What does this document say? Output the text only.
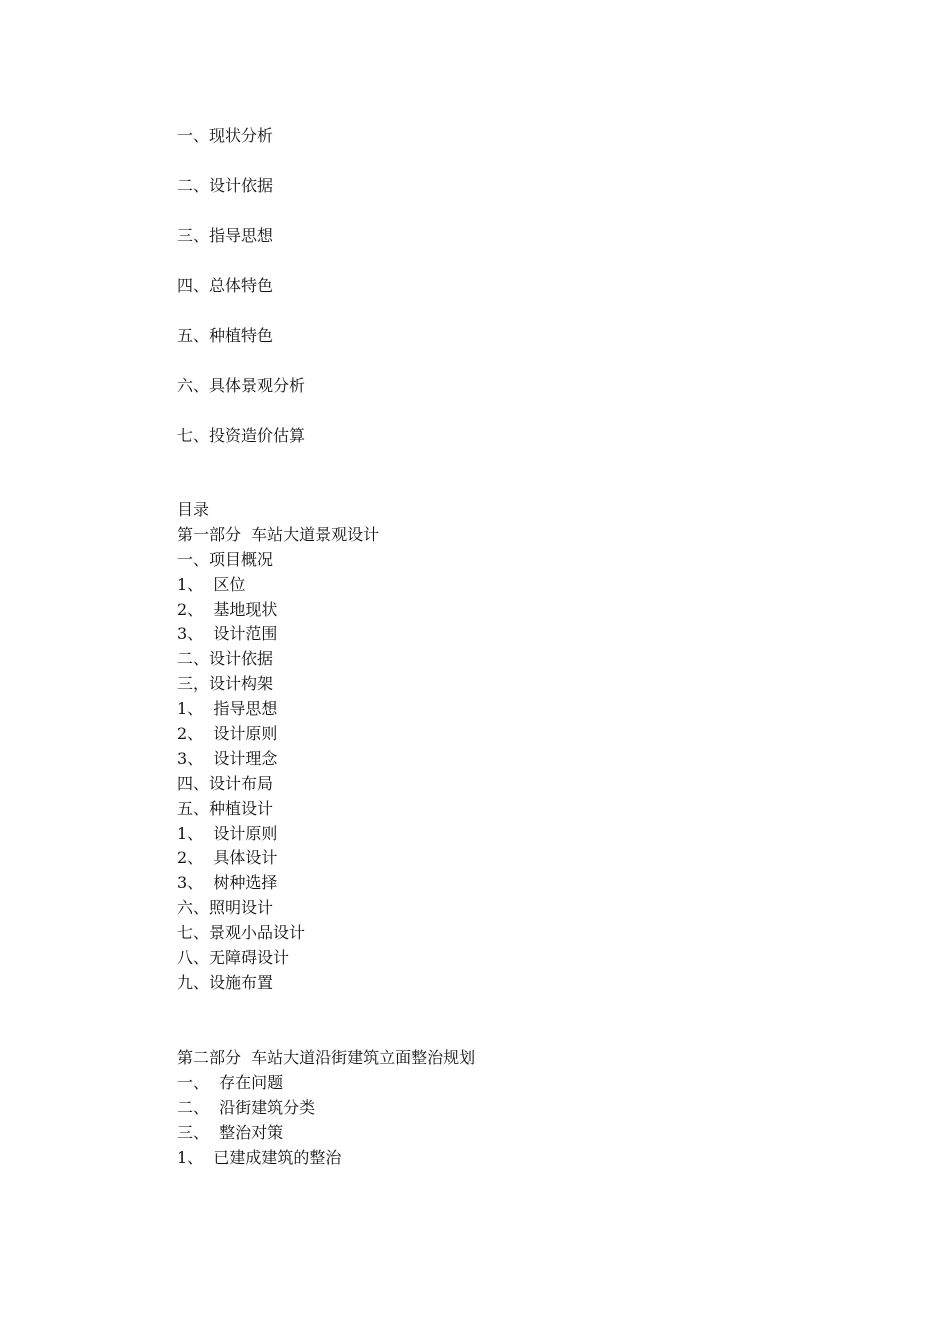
一、现状分析
二、设计依据
三、指导思想
四、总体特色
五、种植特色
六、具体景观分析
七、投资造价估算
目录
第一部分  车站大道景观设计
一、项目概况
1、  区位
2、  基地现状
3、  设计范围
二、设计依据
三，设计构架
1、  指导思想
2、  设计原则
3、  设计理念
四、设计布局
五、种植设计
1、  设计原则
2、  具体设计
3、  树种选择
六、照明设计
七、景观小品设计
八、无障碍设计
九、设施布置
第二部分  车站大道沿街建筑立面整治规划
一、  存在问题
二、  沿街建筑分类
三、  整治对策
1、  已建成建筑的整治
